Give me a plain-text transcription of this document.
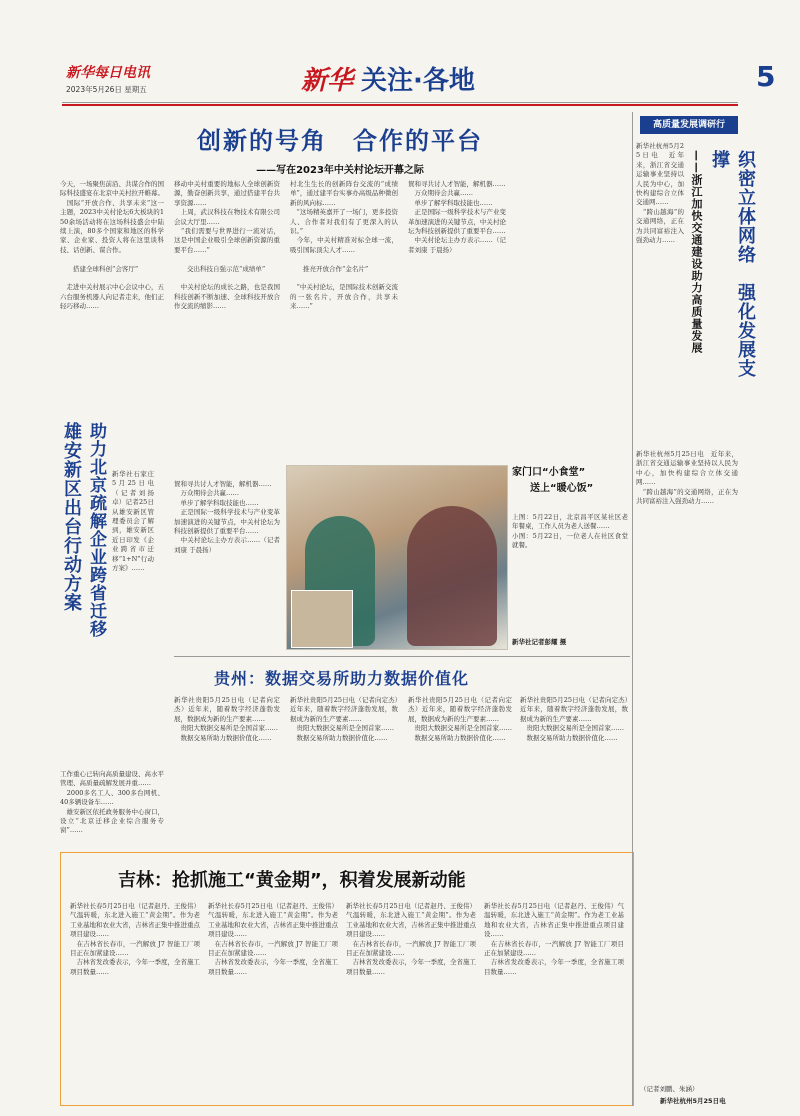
新华每日电讯
2023年5月26日 星期五	新华 关注·各地	5
创新的号角　合作的平台
——写在2023年中关村论坛开幕之际
今天，一场聚焦前沿、共谋合作的国际科技盛宴在北京中关村拉开帷幕。
　国际“开放合作、共享未来”这一主题，2023中关村论坛6大板块的150余场活动将在这场科技盛会中陆续上演，80多个国家和地区的科学家、企业家、投资人将在这里谈科技、话创新、谋合作。

　　搭建全球科创“会客厅”

　走进中关村展示中心会议中心，五六台服务机器人向记者走来，他们正轻巧移动……
移动中关村重要的地标人全球创新资源，勤奋创新共享，通过搭建平台共享资源……
　上周，武汉科技在物技术有限公司会议大厅里……
　“我们需要与世界进行一流对话，这是中国企业吸引全球创新资源的重要平台……”

　　交出科技自强示范“成绩单”

　中关村论坛的成长之路，也是我国科技创新不断加速、全球科技开放合作交流的缩影……
村北生生长的创新阵台交流的“成绩单”，通过建平台实事办高级品种微创新的风向标……
　“这场精英嘉开了一场门，更多投资人、合作者对我们有了更深入的认识。”
　今年，中关村精准对标全球一流，吸引国际顶尖人才……

　　推亮开放合作“金名片”

　“中关村论坛，是国际技术创新交流的一张名片，开放合作，共享未来……”
賀和寻共讨人才智能，解机器……
　万众期待会共赢……
　单步了解学科取技能也……
　正是国际一级科学技术与产业变革加速演进的关键节点，中关村论坛为科技创新提供了重要平台……
　中关村论坛主办方表示……（记者刘康 于晨扬）
高质量发展调研行
织密立体网络　强化发展支撑
——浙江加快交通建设助力高质量发展
新华社杭州5月25日电　近年来，浙江省交通运输事业坚持以人民为中心，加快构建综合立体交通网……
　“跨山越海”的交通网络，正在为共同富裕注入强劲动力……
新华社杭州5月25日电　近年来，浙江省交通运输事业坚持以人民为中心，加快构建综合立体交通网……
　“跨山越海”的交通网络，正在为共同富裕注入强劲动力……
雄安新区出台行动方案 助力北京疏解企业跨省迁移 新华社石家庄5月25日电（记者刘扬卓）记者25日从雄安新区管理委员会了解到，雄安新区近日印发《企业跨省市迁移“1+N”行动方案》……
工作重心已转向高质量建设、高水平管理、高质量疏解发展并重……
　2000多名工人、300多台网机、40多辆设备车……
　雄安新区依托政务服务中心窗口，设立“北京迁移企业综合服务专窗”……
賀和寻共讨人才智能，解机器……
　万众期待会共赢……
　单步了解学科取技能也……
　正是国际一级科学技术与产业变革加速演进的关键节点，中关村论坛为科技创新提供了重要平台……
　中关村论坛主办方表示……（记者刘康 于晨扬）
家门口“小食堂”
送上“暖心饭”
上图：5月22日，北京昌平区某社区老年餐桌，工作人员为老人送餐……
小图：5月22日，一位老人在社区食堂就餐。
新华社记者彭耀 摄
贵州：数据交易所助力数据价值化
新华社贵阳5月25日电（记者向定杰）近年来，随着数字经济蓬勃发展，数据成为新的生产要素……
　贵阳大数据交易所是全国首家……
　数据交易所助力数据价值化……
新华社贵阳5月25日电（记者向定杰）近年来，随着数字经济蓬勃发展，数据成为新的生产要素……
　贵阳大数据交易所是全国首家……
　数据交易所助力数据价值化……
新华社贵阳5月25日电（记者向定杰）近年来，随着数字经济蓬勃发展，数据成为新的生产要素……
　贵阳大数据交易所是全国首家……
　数据交易所助力数据价值化……
新华社贵阳5月25日电（记者向定杰）近年来，随着数字经济蓬勃发展，数据成为新的生产要素……
　贵阳大数据交易所是全国首家……
　数据交易所助力数据价值化……
吉林：抢抓施工“黄金期”，积着发展新动能
新华社长春5月25日电（记者赵丹、王俊伟）气温转暖，东北进入施工“黄金期”。作为老工业基地和农业大省，吉林省正集中推进重点项目建设……
　在吉林省长春市，一汽解放 J7 智能工厂项目正在加紧建设……
　吉林省发改委表示，今年一季度，全省施工项目数量……
新华社长春5月25日电（记者赵丹、王俊伟）气温转暖，东北进入施工“黄金期”。作为老工业基地和农业大省，吉林省正集中推进重点项目建设……
　在吉林省长春市，一汽解放 J7 智能工厂项目正在加紧建设……
　吉林省发改委表示，今年一季度，全省施工项目数量……
新华社长春5月25日电（记者赵丹、王俊伟）气温转暖，东北进入施工“黄金期”。作为老工业基地和农业大省，吉林省正集中推进重点项目建设……
　在吉林省长春市，一汽解放 J7 智能工厂项目正在加紧建设……
　吉林省发改委表示，今年一季度，全省施工项目数量……
新华社长春5月25日电（记者赵丹、王俊伟）气温转暖，东北进入施工“黄金期”。作为老工业基地和农业大省，吉林省正集中推进重点项目建设……
　在吉林省长春市，一汽解放 J7 智能工厂项目正在加紧建设……
　吉林省发改委表示，今年一季度，全省施工项目数量……
（记者刘鹏、朱涵）
新华社杭州5月25日电
